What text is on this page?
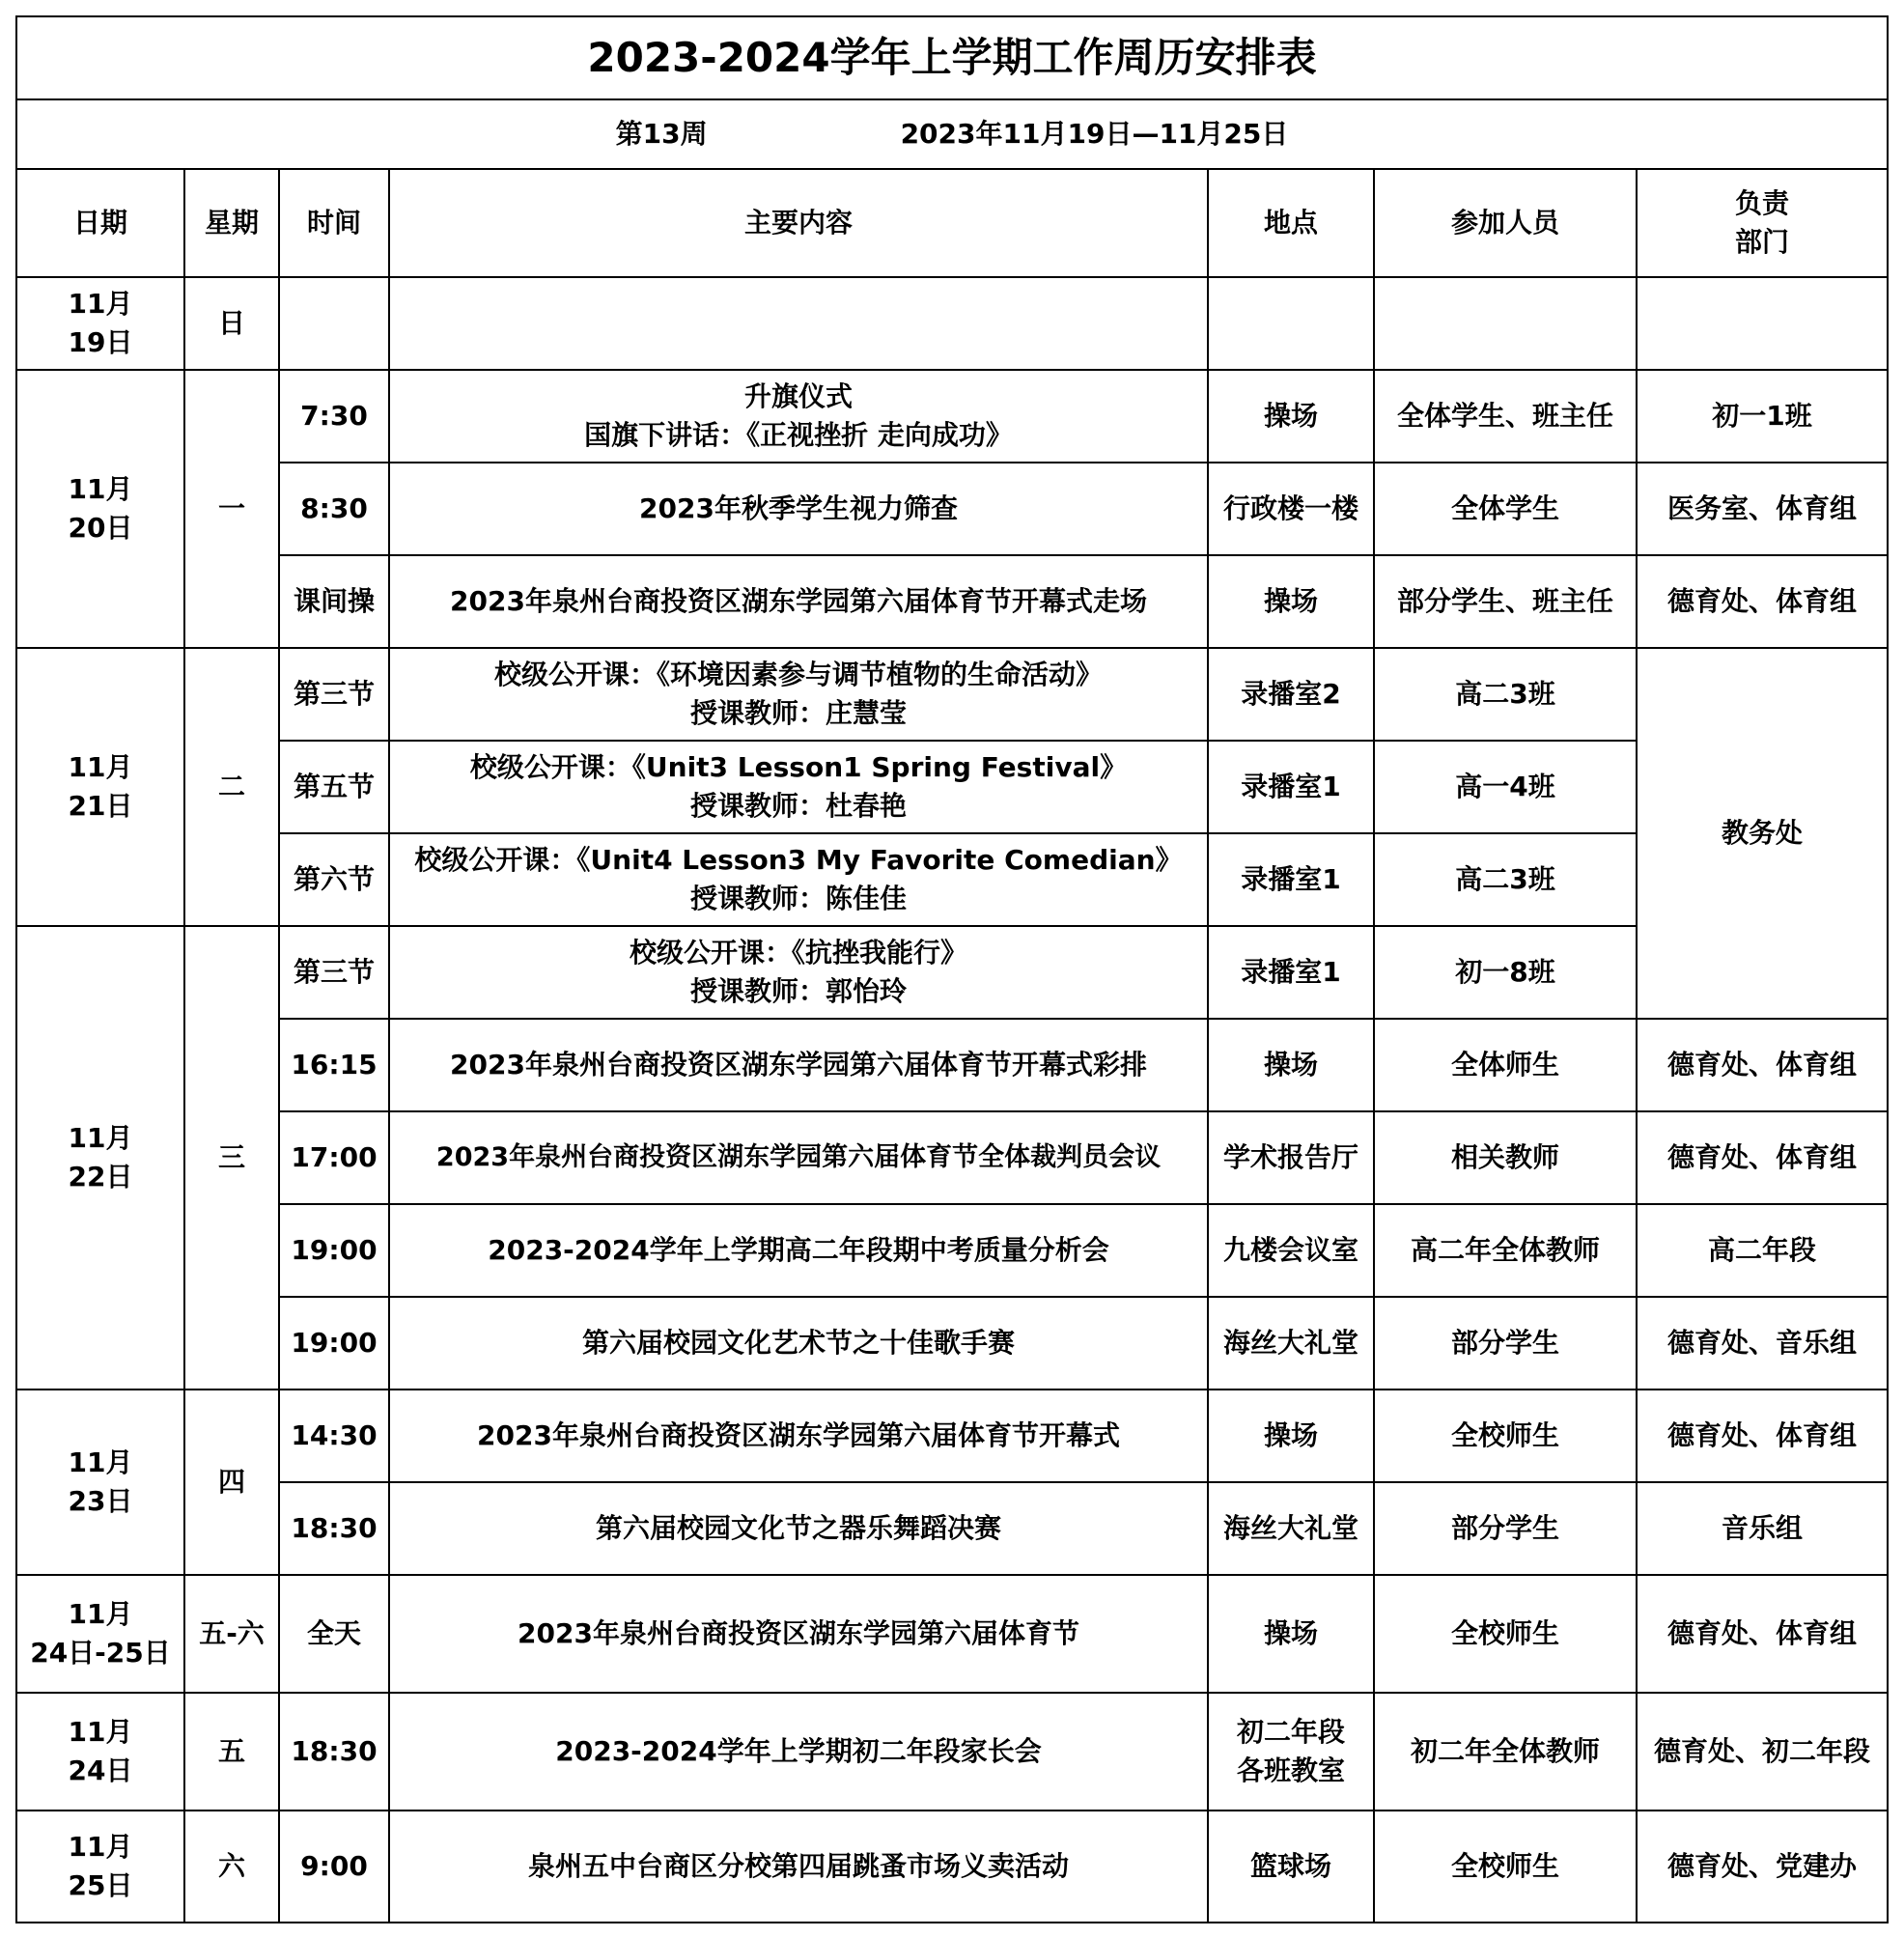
2023-2024学年上学期工作周历安排表						
第13周 2023年11月19日—11月25日						
日期	星期	时间	主要内容	地点	参加人员	负责
部门

11月
19日	日					

11月
20日	一	7:30	升旗仪式
国旗下讲话：《正视挫折 走向成功》	操场	全体学生、班主任	初一1班
		8:30	2023年秋季学生视力筛查	行政楼一楼	全体学生	医务室、体育组
		课间操	2023年泉州台商投资区湖东学园第六届体育节开幕式走场	操场	部分学生、班主任	德育处、体育组

11月
21日	二	第三节	校级公开课：《环境因素参与调节植物的生命活动》
授课教师：庄慧莹	录播室2	高二3班	教务处
		第五节	校级公开课：《Unit3 Lesson1 Spring Festival》
授课教师：杜春艳	录播室1	高一4班	
		第六节	校级公开课：《Unit4 Lesson3 My Favorite Comedian》
授课教师：陈佳佳	录播室1	高二3班	

11月
22日	三	第三节	校级公开课：《抗挫我能行》
授课教师：郭怡玲	录播室1	初一8班	
		16:15	2023年泉州台商投资区湖东学园第六届体育节开幕式彩排	操场	全体师生	德育处、体育组
		17:00	2023年泉州台商投资区湖东学园第六届体育节全体裁判员会议	学术报告厅	相关教师	德育处、体育组
		19:00	2023-2024学年上学期高二年段期中考质量分析会	九楼会议室	高二年全体教师	高二年段
		19:00	第六届校园文化艺术节之十佳歌手赛	海丝大礼堂	部分学生	德育处、音乐组

11月
23日	四	14:30	2023年泉州台商投资区湖东学园第六届体育节开幕式	操场	全校师生	德育处、体育组
		18:30	第六届校园文化节之器乐舞蹈决赛	海丝大礼堂	部分学生	音乐组

11月
24日-25日	五-六	全天	2023年泉州台商投资区湖东学园第六届体育节	操场	全校师生	德育处、体育组

11月
24日	五	18:30	2023-2024学年上学期初二年段家长会	初二年段
各班教室	初二年全体教师	德育处、初二年段

11月
25日	六	9:00	泉州五中台商区分校第四届跳蚤市场义卖活动	篮球场	全校师生	德育处、党建办
